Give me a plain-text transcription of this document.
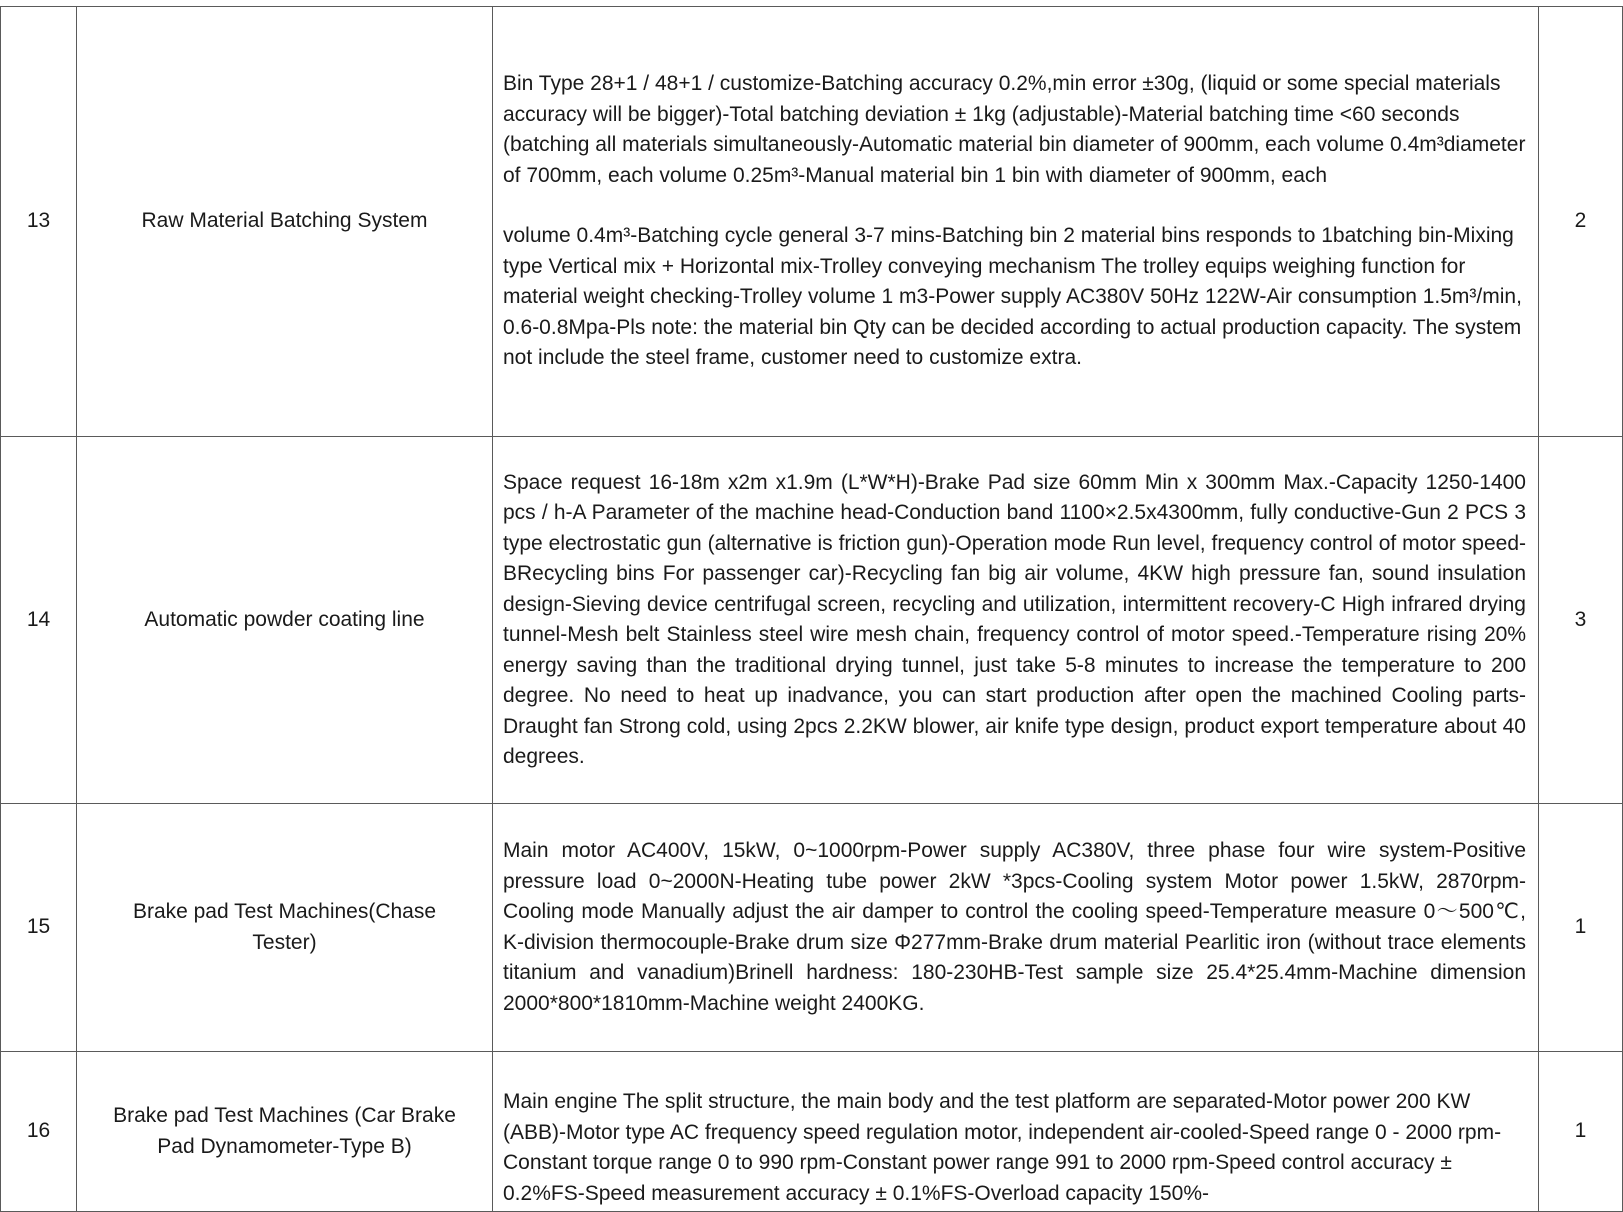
13	Raw Material Batching System	Bin Type 28+1 / 48+1 / customize-Batching accuracy 0.2%,min error ±30g, (liquid or some special materials accuracy will be bigger)-Total batching deviation ± 1kg (adjustable)-Material batching time <60 seconds (batching all materials simultaneously-Automatic material bin diameter of 900mm, each volume 0.4m³diameter of 700mm, each volume 0.25m³-Manual material bin 1 bin with diameter of 900mm, each
volume 0.4m³-Batching cycle general 3-7 mins-Batching bin 2 material bins responds to 1batching bin-Mixing type Vertical mix + Horizontal mix-Trolley conveying mechanism The trolley equips weighing function for material weight checking-Trolley volume 1 m3-Power supply AC380V 50Hz 122W-Air consumption 1.5m³/min, 0.6-0.8Mpa-Pls note: the material bin Qty can be decided according to actual production capacity. The system not include the steel frame, customer need to customize extra.	2
14	Automatic powder coating line	Space request 16-18m x2m x1.9m (L*W*H)-Brake Pad size 60mm Min x 300mm Max.-Capacity 1250-1400 pcs / h-A Parameter of the machine head-Conduction band 1100×2.5x4300mm, fully conductive-Gun 2 PCS 3 type electrostatic gun (alternative is friction gun)-Operation mode Run level, frequency control of motor speed-BRecycling bins For passenger car)-Recycling fan big air volume, 4KW high pressure fan, sound insulation design-Sieving device centrifugal screen, recycling and utilization, intermittent recovery-C High infrared drying tunnel-Mesh belt Stainless steel wire mesh chain, frequency control of motor speed.-Temperature rising 20% energy saving than the traditional drying tunnel, just take 5-8 minutes to increase the temperature to 200 degree. No need to heat up inadvance, you can start production after open the machined Cooling parts-Draught fan Strong cold, using 2pcs 2.2KW blower, air knife type design, product export temperature about 40 degrees.	3
15	Brake pad Test Machines(Chase Tester)	Main motor AC400V, 15kW, 0~1000rpm-Power supply AC380V, three phase four wire system-Positive pressure load 0~2000N-Heating tube power 2kW *3pcs-Cooling system Motor power 1.5kW, 2870rpm-Cooling mode Manually adjust the air damper to control the cooling speed-Temperature measure 0～500℃, K-division thermocouple-Brake drum size Φ277mm-Brake drum material Pearlitic iron (without trace elements titanium and vanadium)Brinell hardness: 180-230HB-Test sample size 25.4*25.4mm-Machine dimension 2000*800*1810mm-Machine weight 2400KG.	1
16	Brake pad Test Machines (Car Brake Pad Dynamometer-Type B)	Main engine The split structure, the main body and the test platform are separated-Motor power 200 KW (ABB)-Motor type AC frequency speed regulation motor, independent air-cooled-Speed range 0 - 2000 rpm-Constant torque range 0 to 990 rpm-Constant power range 991 to 2000 rpm-Speed control accuracy ± 0.2%FS-Speed measurement accuracy ± 0.1%FS-Overload capacity 150%-	1
